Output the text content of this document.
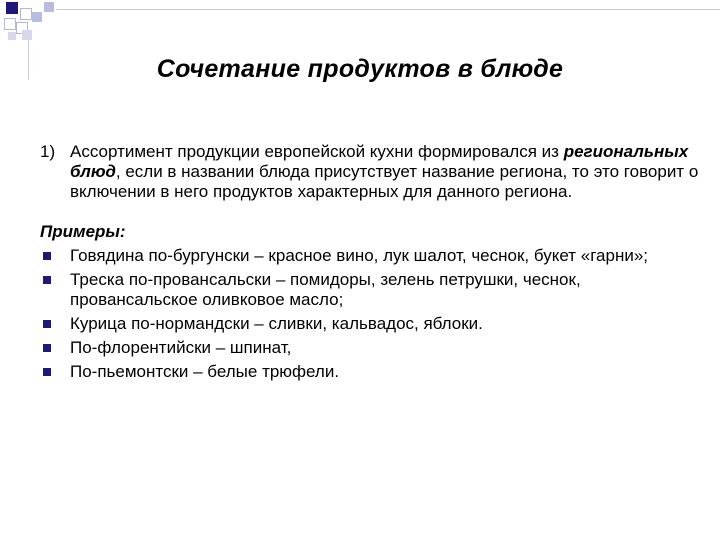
Сочетание продуктов в блюде
1) Ассортимент продукции европейской кухни формировался из региональных блюд, если в названии блюда присутствует название региона, то это говорит о включении в него продуктов характерных для данного региона.
Примеры:
Говядина по-бургунски – красное вино, лук шалот, чеснок, букет «гарни»;
Треска по-провансальски – помидоры, зелень петрушки, чеснок, провансальское оливковое масло;
Курица по-нормандски – сливки, кальвадос, яблоки.
По-флорентийски – шпинат,
По-пьемонтски – белые трюфели.
